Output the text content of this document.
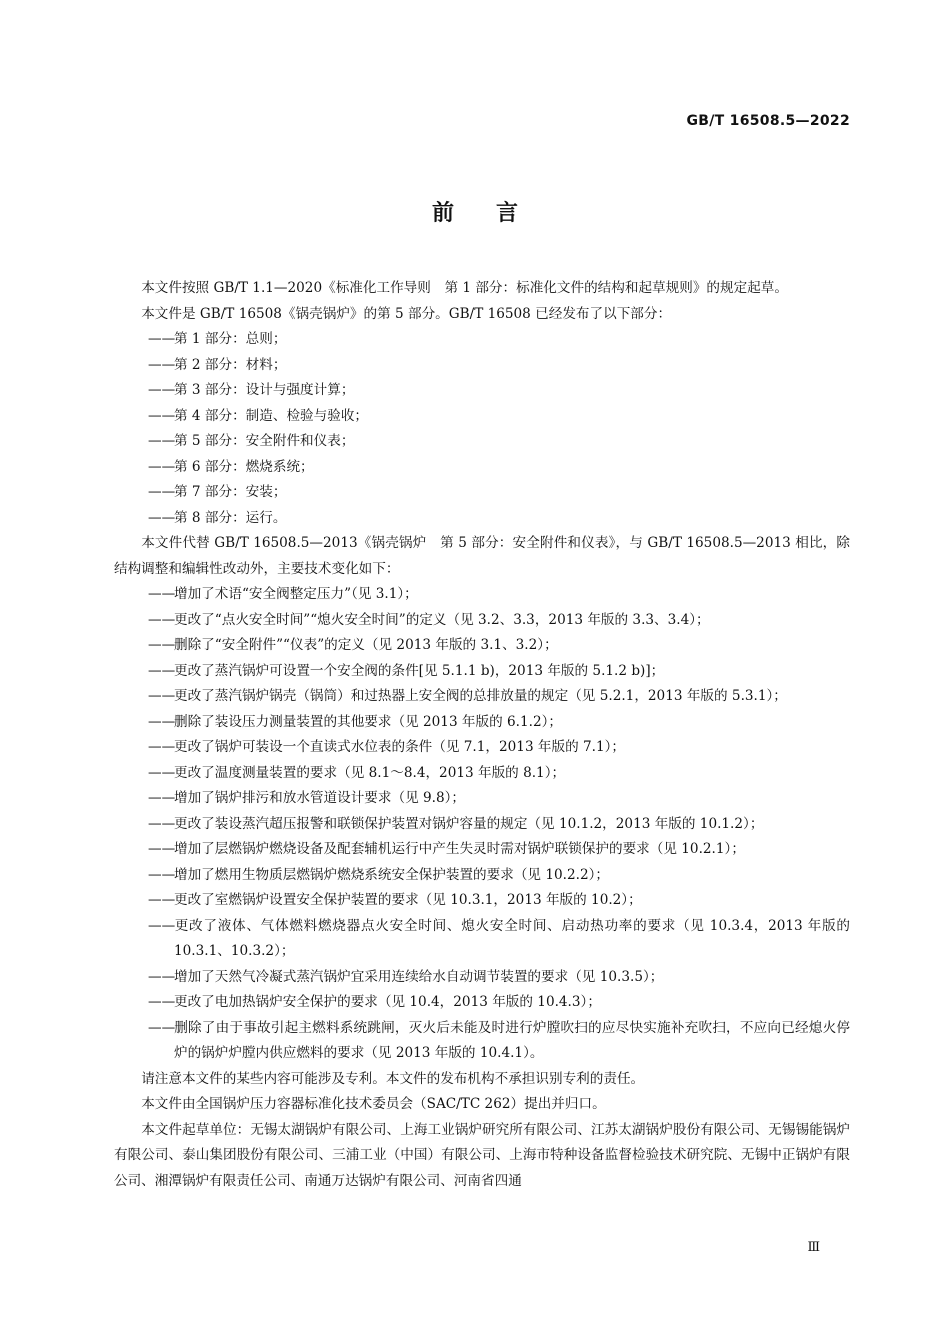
GB/T 16508.5—2022
前言

本文件按照 GB/T 1.1—2020《标准化工作导则　第 1 部分：标准化文件的结构和起草规则》的规定起草。

本文件是 GB/T 16508《锅壳锅炉》的第 5 部分。GB/T 16508 已经发布了以下部分：

——第 1 部分：总则；

——第 2 部分：材料；

——第 3 部分：设计与强度计算；

——第 4 部分：制造、检验与验收；

——第 5 部分：安全附件和仪表；

——第 6 部分：燃烧系统；

——第 7 部分：安装；

——第 8 部分：运行。

本文件代替 GB/T 16508.5—2013《锅壳锅炉　第 5 部分：安全附件和仪表》，与 GB/T 16508.5—2013 相比，除结构调整和编辑性改动外，主要技术变化如下：

——增加了术语“安全阀整定压力”（见 3.1）；

——更改了“点火安全时间”“熄火安全时间”的定义（见 3.2、3.3，2013 年版的 3.3、3.4）；

——删除了“安全附件”“仪表”的定义（见 2013 年版的 3.1、3.2）；

——更改了蒸汽锅炉可设置一个安全阀的条件[见 5.1.1 b)，2013 年版的 5.1.2 b)]；

——更改了蒸汽锅炉锅壳（锅筒）和过热器上安全阀的总排放量的规定（见 5.2.1，2013 年版的 5.3.1）；

——删除了装设压力测量装置的其他要求（见 2013 年版的 6.1.2）；

——更改了锅炉可装设一个直读式水位表的条件（见 7.1，2013 年版的 7.1）；

——更改了温度测量装置的要求（见 8.1～8.4，2013 年版的 8.1）；

——增加了锅炉排污和放水管道设计要求（见 9.8）；

——更改了装设蒸汽超压报警和联锁保护装置对锅炉容量的规定（见 10.1.2，2013 年版的 10.1.2）；

——增加了层燃锅炉燃烧设备及配套辅机运行中产生失灵时需对锅炉联锁保护的要求（见 10.2.1）；

——增加了燃用生物质层燃锅炉燃烧系统安全保护装置的要求（见 10.2.2）；

——更改了室燃锅炉设置安全保护装置的要求（见 10.3.1，2013 年版的 10.2）；

——更改了液体、气体燃料燃烧器点火安全时间、熄火安全时间、启动热功率的要求（见 10.3.4，2013 年版的 10.3.1、10.3.2）；

——增加了天然气冷凝式蒸汽锅炉宜采用连续给水自动调节装置的要求（见 10.3.5）；

——更改了电加热锅炉安全保护的要求（见 10.4，2013 年版的 10.4.3）；

——删除了由于事故引起主燃料系统跳闸，灭火后未能及时进行炉膛吹扫的应尽快实施补充吹扫，不应向已经熄火停炉的锅炉炉膛内供应燃料的要求（见 2013 年版的 10.4.1）。

请注意本文件的某些内容可能涉及专利。本文件的发布机构不承担识别专利的责任。

本文件由全国锅炉压力容器标准化技术委员会（SAC/TC 262）提出并归口。

本文件起草单位：无锡太湖锅炉有限公司、上海工业锅炉研究所有限公司、江苏太湖锅炉股份有限公司、无锡锡能锅炉有限公司、泰山集团股份有限公司、三浦工业（中国）有限公司、上海市特种设备监督检验技术研究院、无锡中正锅炉有限公司、湘潭锅炉有限责任公司、南通万达锅炉有限公司、河南省四通

Ⅲ
